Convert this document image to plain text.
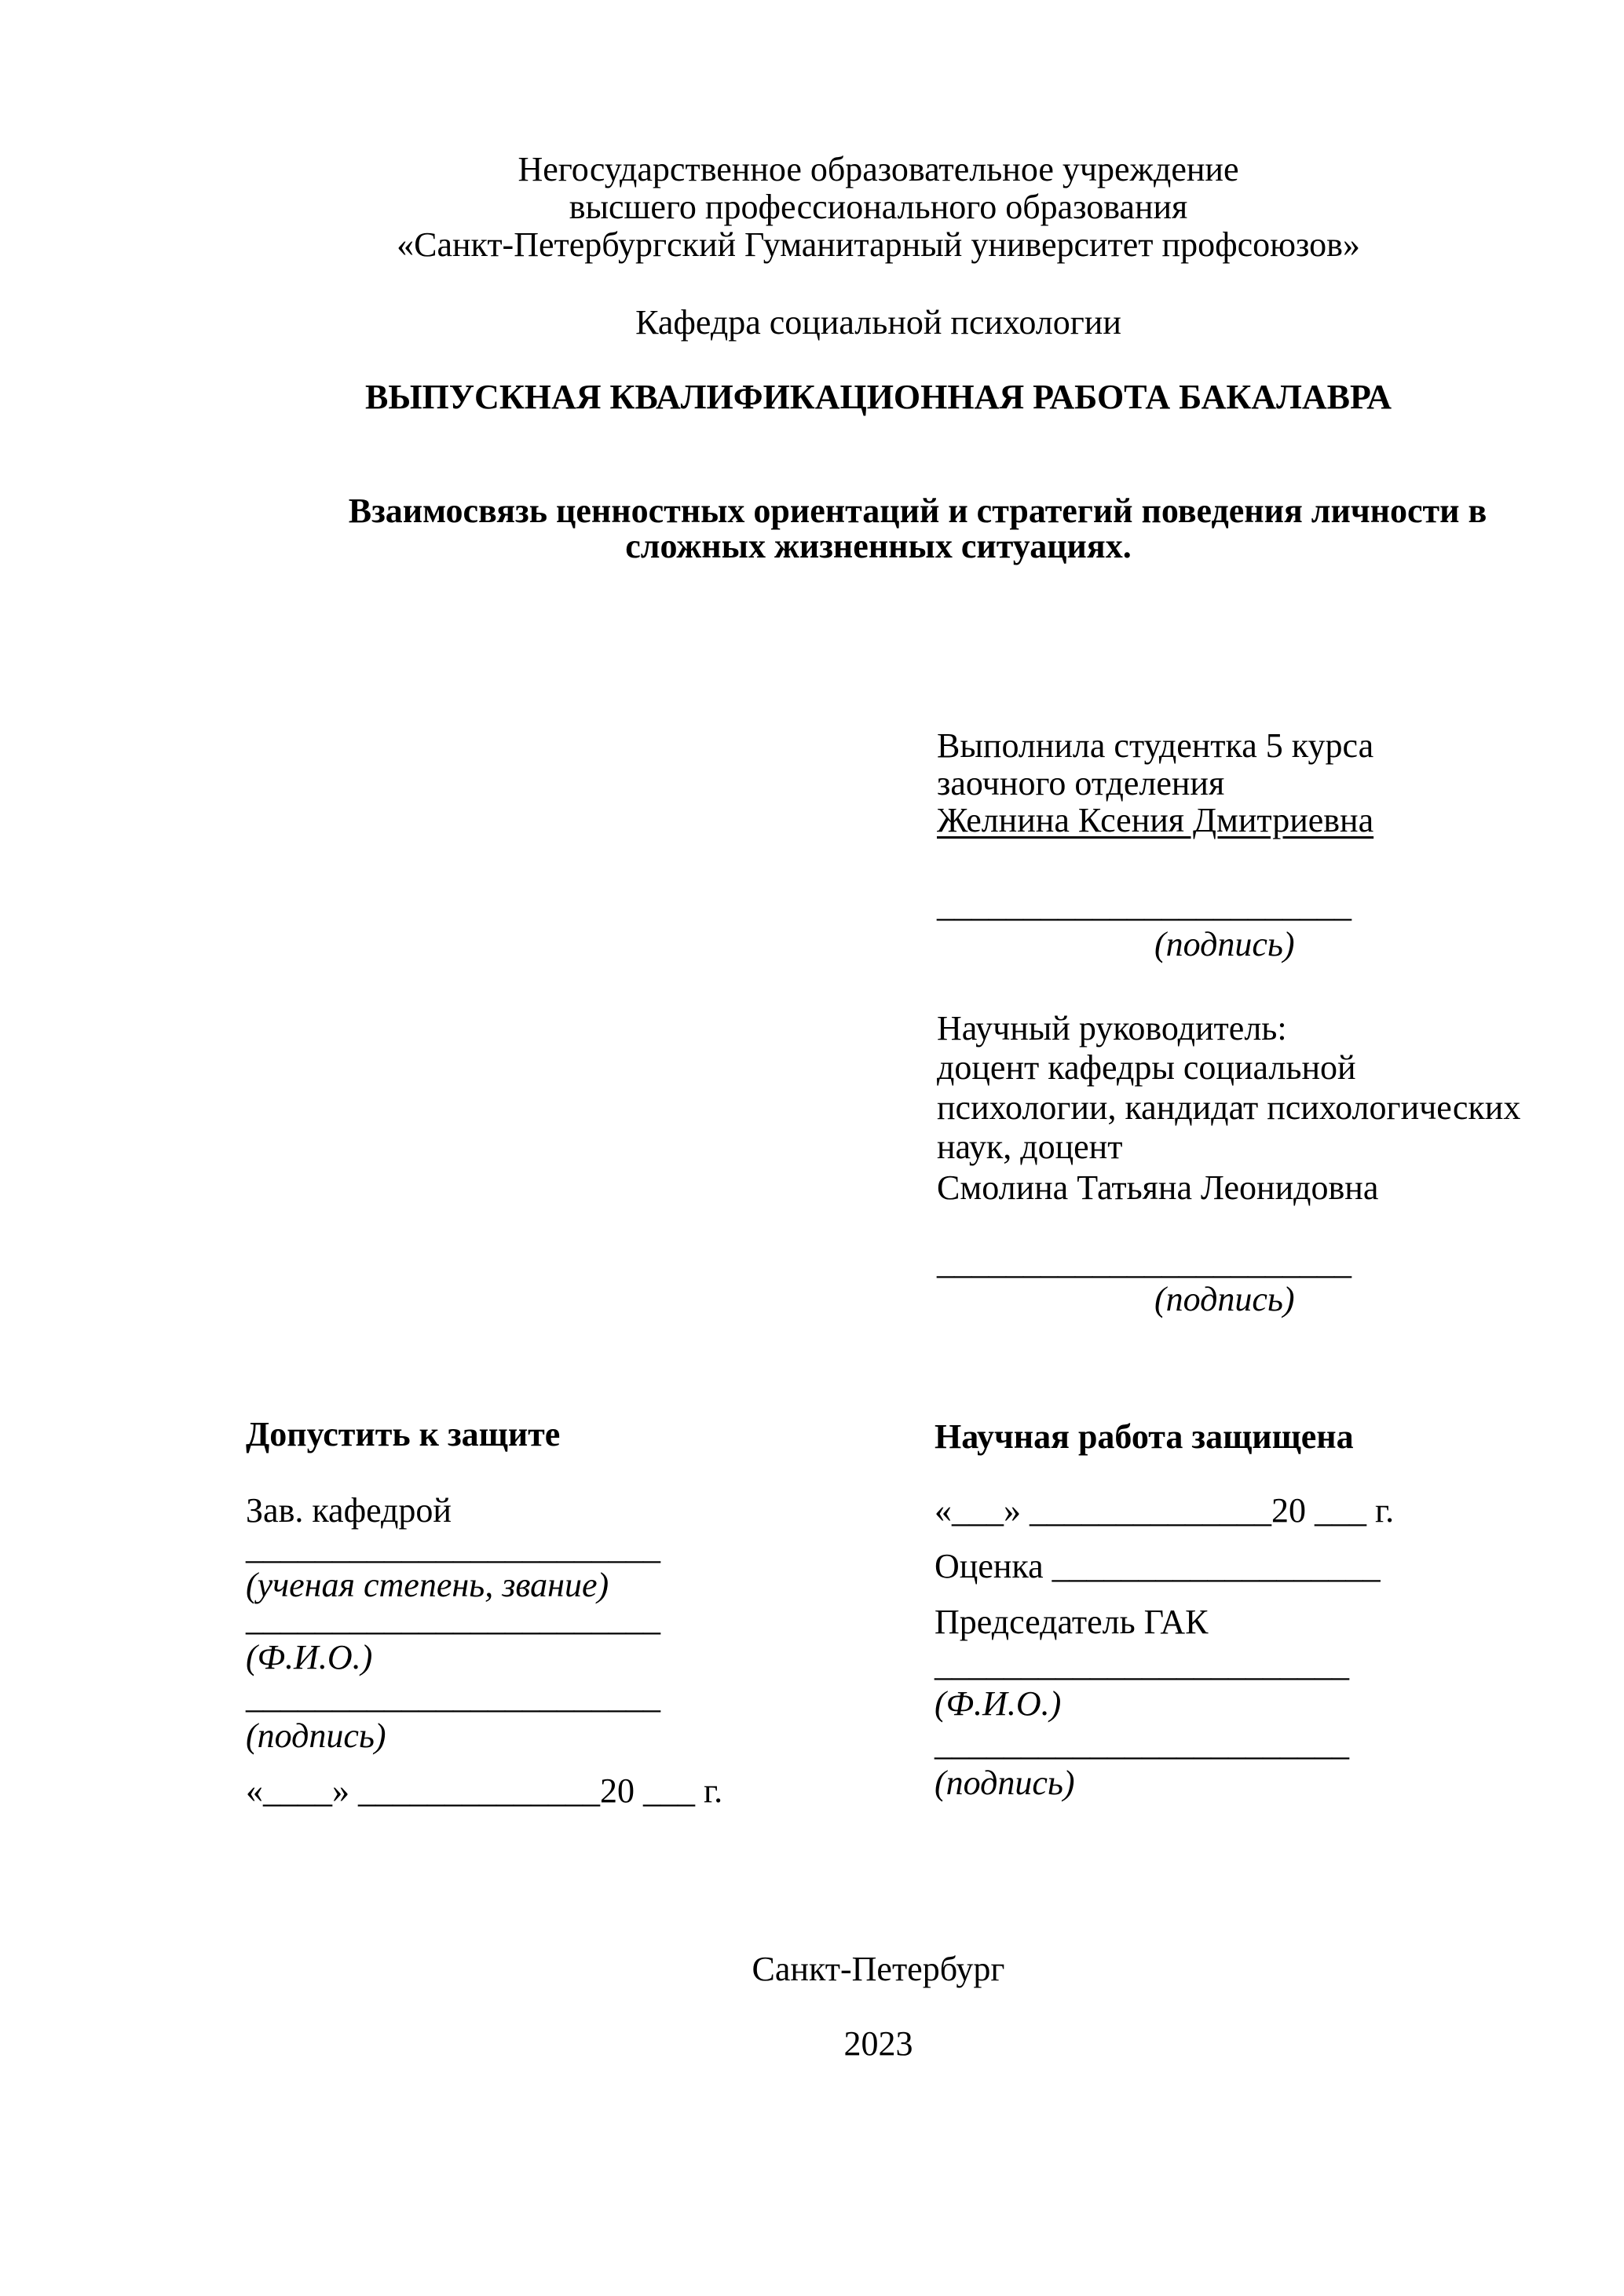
Негосударственное образовательное учреждение
высшего профессионального образования
«Санкт-Петербургский Гуманитарный университет профсоюзов»
Кафедра социальной психологии
ВЫПУСКНАЯ КВАЛИФИКАЦИОННАЯ РАБОТА БАКАЛАВРА
Взаимосвязь ценностных ориентаций и стратегий поведения личности в
сложных жизненных ситуациях.
Выполнила студентка 5 курса
заочного отделения
Желнина Ксения Дмитриевна
________________________
(подпись)
Научный руководитель:
доцент кафедры социальной
психологии, кандидат психологических
наук, доцент
Смолина Татьяна Леонидовна
________________________
(подпись)
Допустить к защите
Зав. кафедрой
________________________
(ученая степень, звание)
________________________
(Ф.И.О.)
________________________
(подпись)
«____» ______________20 ___ г.
Научная работа защищена
«___» ______________20 ___ г.
Оценка ___________________
Председатель ГАК
________________________
(Ф.И.О.)
________________________
(подпись)
Санкт-Петербург
2023
